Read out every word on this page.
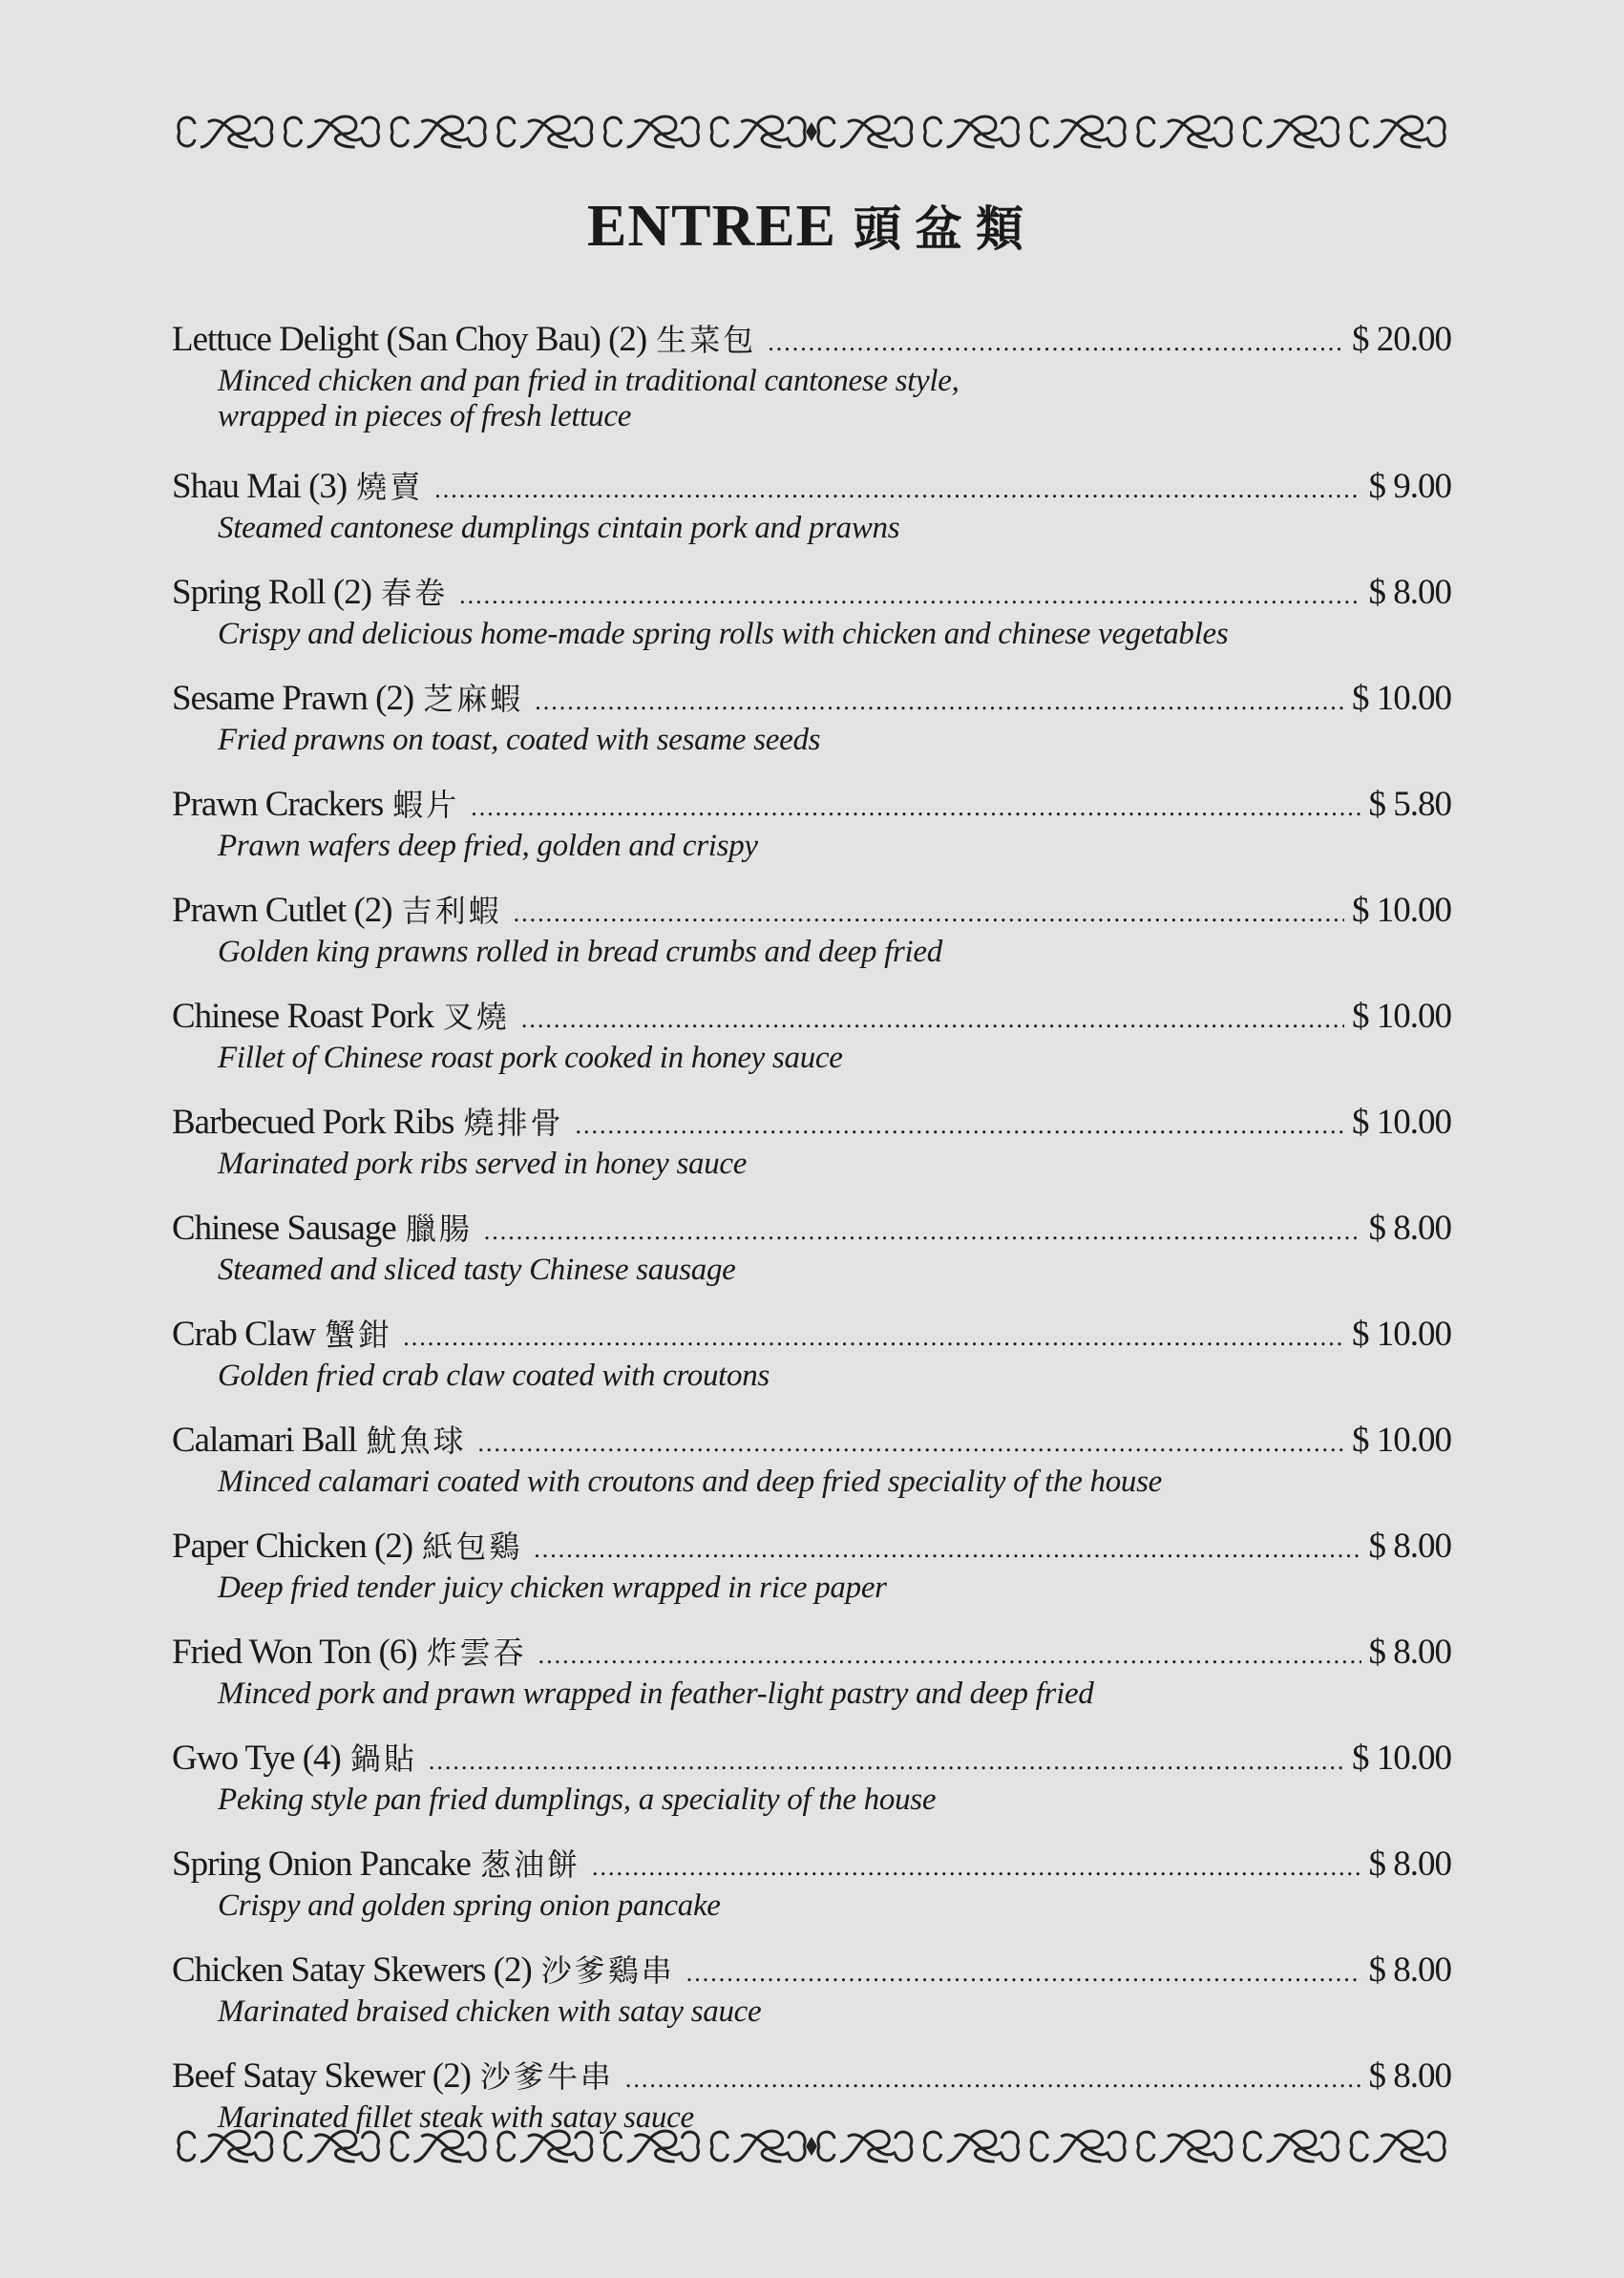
ENTREE 頭盆類
Lettuce Delight (San Choy Bau) (2) 生菜包 .....	$ 20.00
Minced chicken and pan fried in traditional cantonese style,
wrapped in pieces of fresh lettuce
Shau Mai (3) 燒賣 .....	$ 9.00
Steamed cantonese dumplings cintain pork and prawns
Spring Roll (2) 春卷 .....	$ 8.00
Crispy and delicious home-made spring rolls with chicken and chinese vegetables
Sesame Prawn (2) 芝麻蝦 .....	$ 10.00
Fried prawns on toast, coated with sesame seeds
Prawn Crackers 蝦片 .....	$ 5.80
Prawn wafers deep fried, golden and crispy
Prawn Cutlet (2) 吉利蝦 .....	$ 10.00
Golden king prawns rolled in bread crumbs and deep fried
Chinese Roast Pork 叉燒 .....	$ 10.00
Fillet of Chinese roast pork cooked in honey sauce
Barbecued Pork Ribs 燒排骨 .....	$ 10.00
Marinated pork ribs served in honey sauce
Chinese Sausage 臘腸 .....	$ 8.00
Steamed and sliced tasty Chinese sausage
Crab Claw 蟹鉗 .....	$ 10.00
Golden fried crab claw coated with croutons
Calamari Ball 魷魚球 .....	$ 10.00
Minced calamari coated with croutons and deep fried speciality of the house
Paper Chicken (2) 紙包鷄 .....	$ 8.00
Deep fried tender juicy chicken wrapped in rice paper
Fried Won Ton (6) 炸雲吞 .....	$ 8.00
Minced pork and prawn wrapped in feather-light pastry and deep fried
Gwo Tye (4) 鍋貼 .....	$ 10.00
Peking style pan fried dumplings, a speciality of the house
Spring Onion Pancake 葱油餅 .....	$ 8.00
Crispy and golden spring onion pancake
Chicken Satay Skewers (2) 沙爹鷄串 .....	$ 8.00
Marinated braised chicken with satay sauce
Beef Satay Skewer (2) 沙爹牛串 .....	$ 8.00
Marinated fillet steak with satay sauce
